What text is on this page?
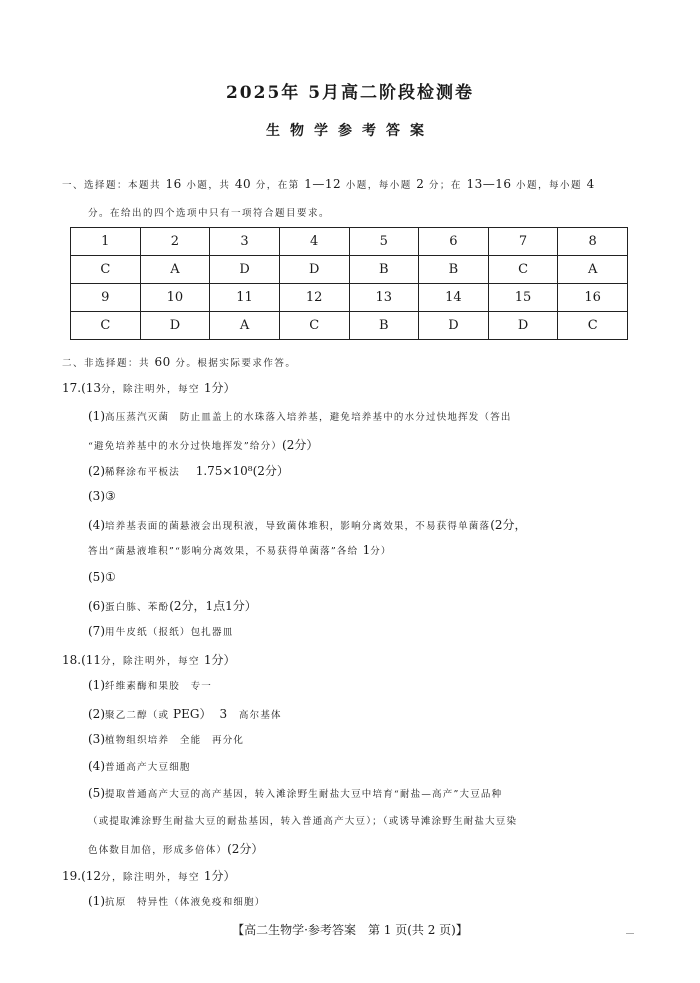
2025年 5月高二阶段检测卷
生物学参考答案
一、选择题：本题共 16 小题，共 40 分，在第 1—12 小题，每小题 2 分；在 13—16 小题，每小题 4
分。在给出的四个选项中只有一项符合题目要求。
1	2	3	4	5	6	7	8
C	A	D	D	B	B	C	A
9	10	11	12	13	14	15	16
C	D	A	C	B	D	D	C
二、非选择题：共 60 分。根据实际要求作答。
17.(13分，除注明外，每空 1分）
(1)高压蒸汽灭菌　防止皿盖上的水珠落入培养基，避免培养基中的水分过快地挥发（答出
“避免培养基中的水分过快地挥发”给分）(2分）
(2)稀释涂布平板法 1.75×10⁸(2分）
(3)③
(4)培养基表面的菌悬液会出现积液，导致菌体堆积，影响分离效果，不易获得单菌落(2分，
答出“菌悬液堆积”“影响分离效果，不易获得单菌落”各给 1分）
(5)①
(6)蛋白胨、苯酚(2分，1点1分）
(7)用牛皮纸（报纸）包扎器皿
18.(11分，除注明外，每空 1分）
(1)纤维素酶和果胶　专一
(2)聚乙二醇（或 PEG） 3 高尔基体
(3)植物组织培养　全能　再分化
(4)普通高产大豆细胞
(5)提取普通高产大豆的高产基因，转入滩涂野生耐盐大豆中培育“耐盐—高产”大豆品种
（或提取滩涂野生耐盐大豆的耐盐基因，转入普通高产大豆）；（或诱导滩涂野生耐盐大豆染
色体数目加倍，形成多倍体）(2分）
19.(12分，除注明外，每空 1分）
(1)抗原　特异性（体液免疫和细胞）
【高二生物学·参考答案　第 1 页(共 2 页)】
